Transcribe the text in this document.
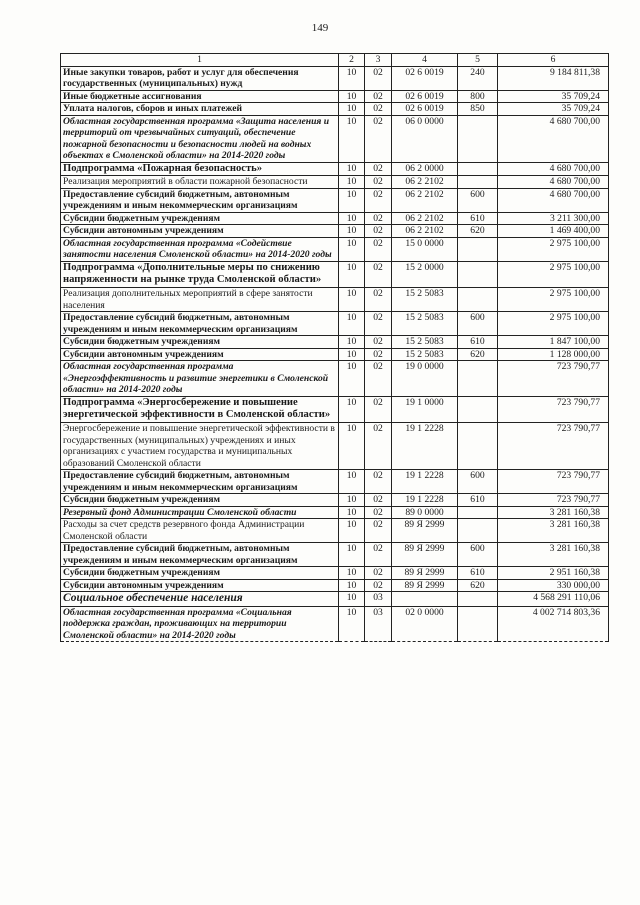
149
1	2	3	4	5	6
Иные закупки товаров, работ и услуг для обеспечения государственных (муниципальных) нужд	10	02	02 6 0019	240	9 184 811,38
Иные бюджетные ассигнования	10	02	02 6 0019	800	35 709,24
Уплата налогов, сборов и иных платежей	10	02	02 6 0019	850	35 709,24
Областная государственная программа «Защита населения и территорий от чрезвычайных ситуаций, обеспечение пожарной безопасности и безопасности людей на водных объектах в Смоленской области» на 2014-2020 годы	10	02	06 0 0000		4 680 700,00
Подпрограмма «Пожарная безопасность»	10	02	06 2 0000		4 680 700,00
Реализация мероприятий в области пожарной безопасности	10	02	06 2 2102		4 680 700,00
Предоставление субсидий бюджетным, автономным учреждениям и иным некоммерческим организациям	10	02	06 2 2102	600	4 680 700,00
Субсидии бюджетным учреждениям	10	02	06 2 2102	610	3 211 300,00
Субсидии автономным учреждениям	10	02	06 2 2102	620	1 469 400,00
Областная государственная программа «Содействие занятости населения Смоленской области» на 2014-2020 годы	10	02	15 0 0000		2 975 100,00
Подпрограмма «Дополнительные меры по снижению напряженности на рынке труда Смоленской области»	10	02	15 2 0000		2 975 100,00
Реализация дополнительных мероприятий в сфере занятости населения	10	02	15 2 5083		2 975 100,00
Предоставление субсидий бюджетным, автономным учреждениям и иным некоммерческим организациям	10	02	15 2 5083	600	2 975 100,00
Субсидии бюджетным учреждениям	10	02	15 2 5083	610	1 847 100,00
Субсидии автономным учреждениям	10	02	15 2 5083	620	1 128 000,00
Областная государственная программа «Энергоэффективность и развитие энергетики в Смоленской области» на 2014-2020 годы	10	02	19 0 0000		723 790,77
Подпрограмма «Энергосбережение и повышение энергетической эффективности в Смоленской области»	10	02	19 1 0000		723 790,77
Энергосбережение и повышение энергетической эффективности в государственных (муниципальных) учреждениях и иных организациях с участием государства и муниципальных образований Смоленской области	10	02	19 1 2228		723 790,77
Предоставление субсидий бюджетным, автономным учреждениям и иным некоммерческим организациям	10	02	19 1 2228	600	723 790,77
Субсидии бюджетным учреждениям	10	02	19 1 2228	610	723 790,77
Резервный фонд Администрации Смоленской области	10	02	89 0 0000		3 281 160,38
Расходы за счет средств резервного фонда Администрации Смоленской области	10	02	89 Я 2999		3 281 160,38
Предоставление субсидий бюджетным, автономным учреждениям и иным некоммерческим организациям	10	02	89 Я 2999	600	3 281 160,38
Субсидии бюджетным учреждениям	10	02	89 Я 2999	610	2 951 160,38
Субсидии автономным учреждениям	10	02	89 Я 2999	620	330 000,00
Социальное обеспечение населения	10	03			4 568 291 110,06
Областная государственная программа «Социальная поддержка граждан, проживающих на территории Смоленской области» на 2014-2020 годы	10	03	02 0 0000		4 002 714 803,36
